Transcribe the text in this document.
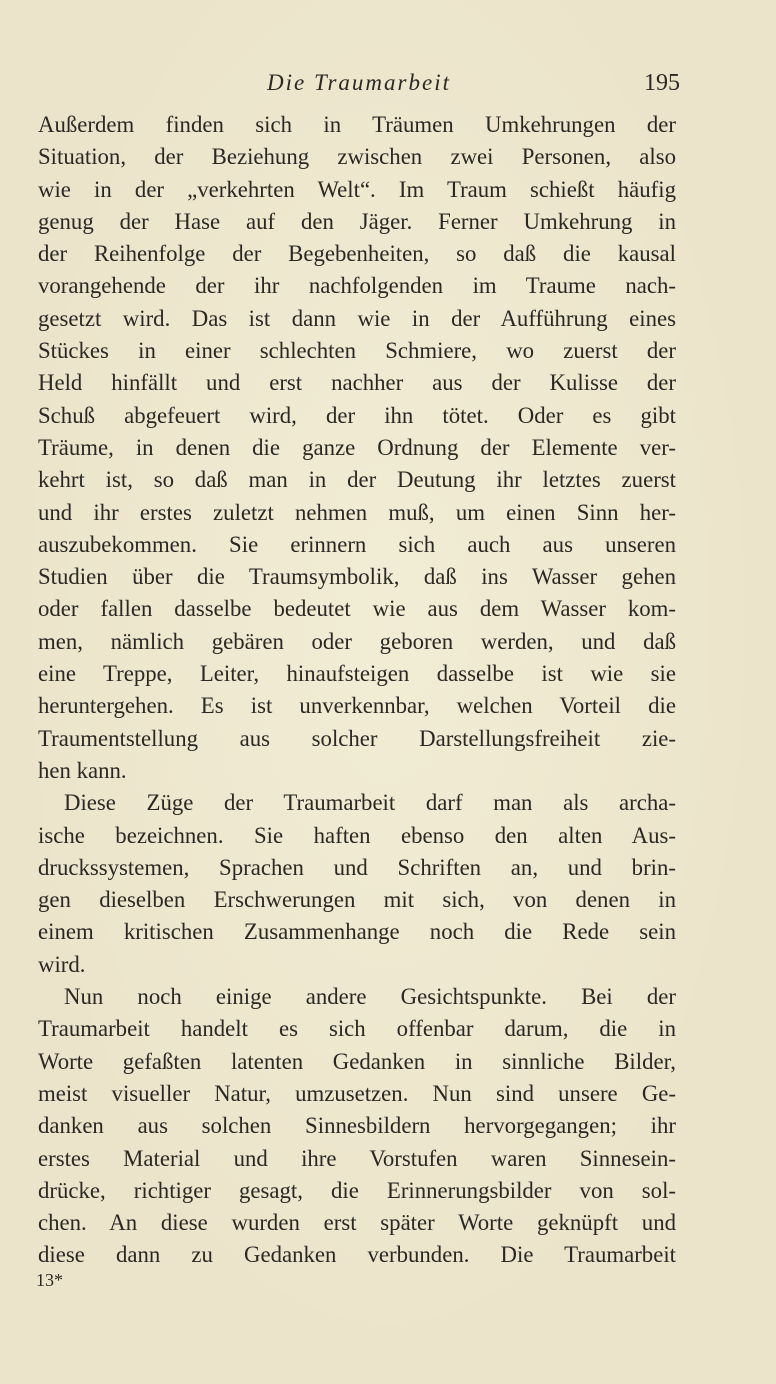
Die Traumarbeit	195
Außerdem finden sich in Träumen Umkehrungen der
Situation, der Beziehung zwischen zwei Personen, also
wie in der „verkehrten Welt“. Im Traum schießt häufig
genug der Hase auf den Jäger. Ferner Umkehrung in
der Reihenfolge der Begebenheiten, so daß die kausal
vorangehende der ihr nachfolgenden im Traume nach-
gesetzt wird. Das ist dann wie in der Aufführung eines
Stückes in einer schlechten Schmiere, wo zuerst der
Held hinfällt und erst nachher aus der Kulisse der
Schuß abgefeuert wird, der ihn tötet. Oder es gibt
Träume, in denen die ganze Ordnung der Elemente ver-
kehrt ist, so daß man in der Deutung ihr letztes zuerst
und ihr erstes zuletzt nehmen muß, um einen Sinn her-
auszubekommen. Sie erinnern sich auch aus unseren
Studien über die Traumsymbolik, daß ins Wasser gehen
oder fallen dasselbe bedeutet wie aus dem Wasser kom-
men, nämlich gebären oder geboren werden, und daß
eine Treppe, Leiter, hinaufsteigen dasselbe ist wie sie
heruntergehen. Es ist unverkennbar, welchen Vorteil die
Traumentstellung aus solcher Darstellungsfreiheit zie-
hen kann.
Diese Züge der Traumarbeit darf man als archa-
ische bezeichnen. Sie haften ebenso den alten Aus-
druckssystemen, Sprachen und Schriften an, und brin-
gen dieselben Erschwerungen mit sich, von denen in
einem kritischen Zusammenhange noch die Rede sein
wird.
Nun noch einige andere Gesichtspunkte. Bei der
Traumarbeit handelt es sich offenbar darum, die in
Worte gefaßten latenten Gedanken in sinnliche Bilder,
meist visueller Natur, umzusetzen. Nun sind unsere Ge-
danken aus solchen Sinnesbildern hervorgegangen; ihr
erstes Material und ihre Vorstufen waren Sinnesein-
drücke, richtiger gesagt, die Erinnerungsbilder von sol-
chen. An diese wurden erst später Worte geknüpft und
diese dann zu Gedanken verbunden. Die Traumarbeit
13*
